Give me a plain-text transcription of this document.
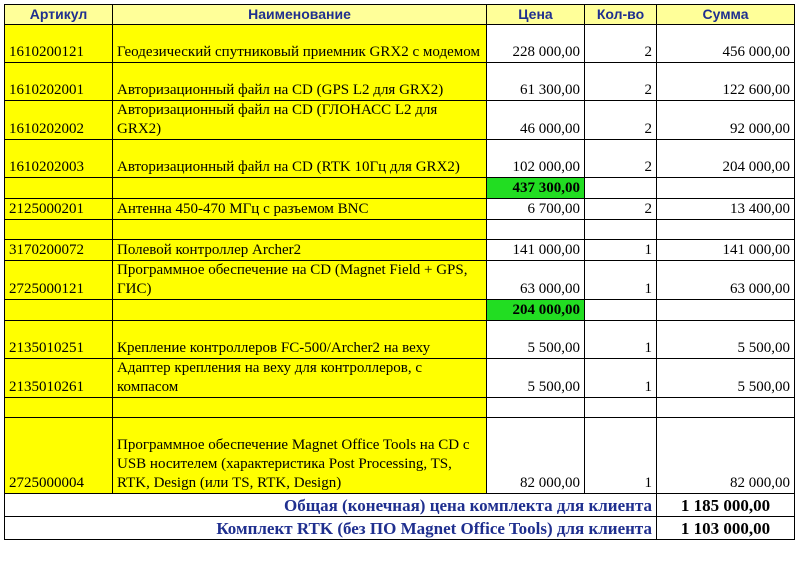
Артикул	Наименование	Цена	Кол-во	Сумма
1610200121	Геодезический спутниковый приемник GRX2 с модемом	228 000,00	2	456 000,00
1610202001	Авторизационный файл на CD (GPS L2 для GRX2)	61 300,00	2	122 600,00
1610202002	Авторизационный файл на CD (ГЛОНАСС L2 для GRX2)	46 000,00	2	92 000,00
1610202003	Авторизационный файл на CD (RTK 10Гц для GRX2)	102 000,00	2	204 000,00
		437 300,00		
2125000201	Антенна 450-470 МГц с разъемом BNC	6 700,00	2	13 400,00

3170200072	Полевой контроллер Archer2	141 000,00	1	141 000,00
2725000121	Программное обеспечение на CD (Magnet Field + GPS, ГИС)	63 000,00	1	63 000,00
		204 000,00		
2135010251	Крепление контроллеров FC-500/Archer2 на веху	5 500,00	1	5 500,00
2135010261	Адаптер крепления на веху для контроллеров, с компасом	5 500,00	1	5 500,00

2725000004	Программное обеспечение Magnet Office Tools на CD с USB носителем (характеристика Post Processing, TS, RTK, Design (или TS, RTK, Design)	82 000,00	1	82 000,00
Общая (конечная) цена комплекта для клиента				1 185 000,00
Комплект RTK (без ПО Magnet Office Tools) для клиента				1 103 000,00
